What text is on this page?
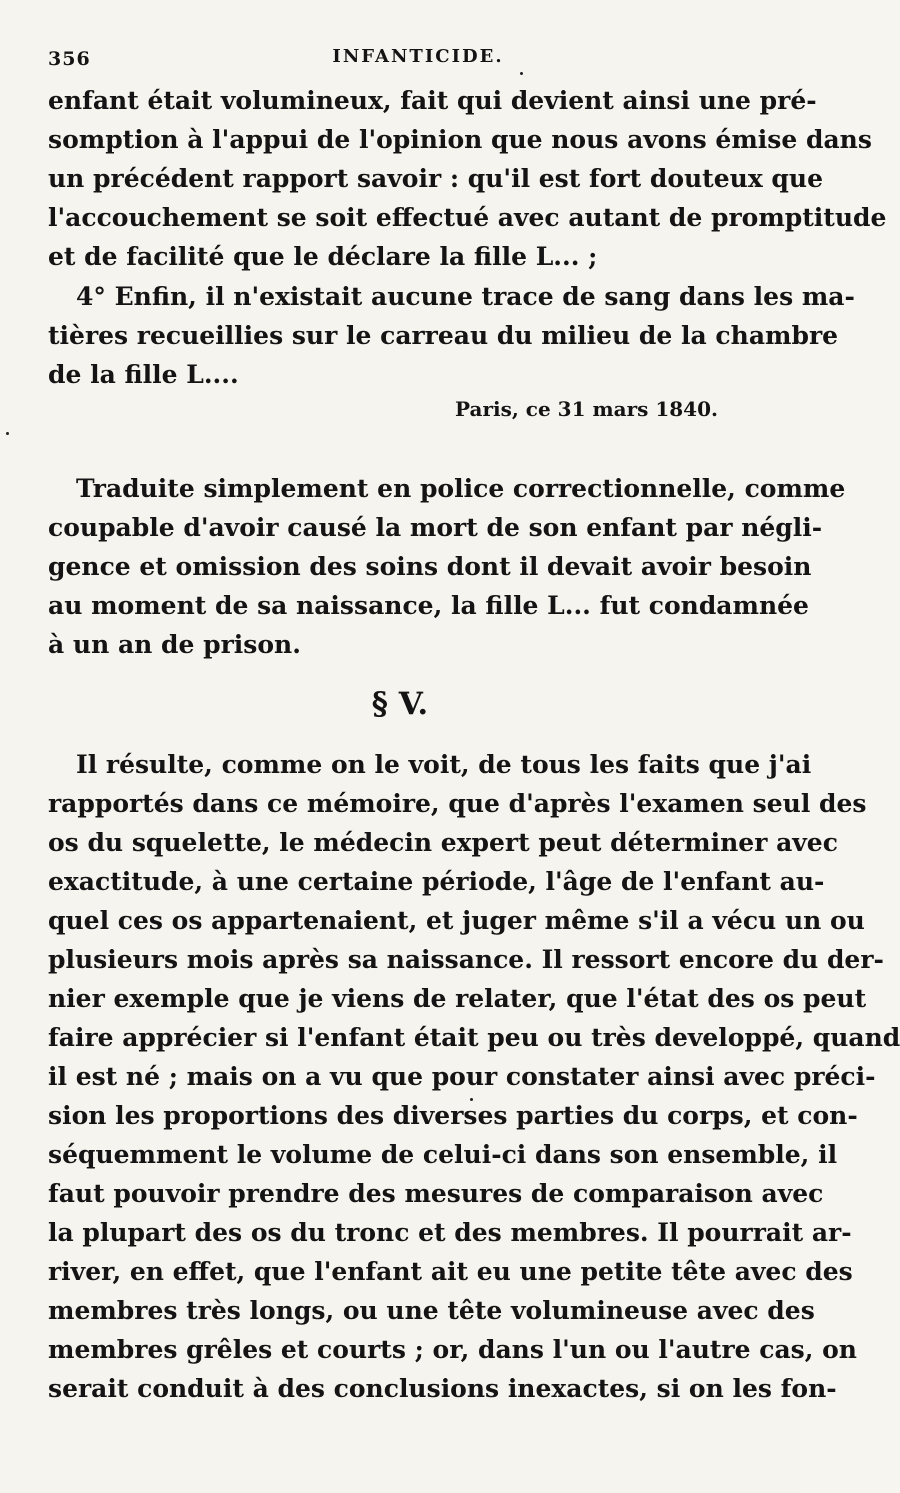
356	INFANTICIDE.
enfant était volumineux, fait qui devient ainsi une pré-
somption à l'appui de l'opinion que nous avons émise dans
un précédent rapport savoir : qu'il est fort douteux que
l'accouchement se soit effectué avec autant de promptitude
et de facilité que le déclare la fille L... ;
4° Enfin, il n'existait aucune trace de sang dans les ma-
tières recueillies sur le carreau du milieu de la chambre
de la fille L....
Paris, ce 31 mars 1840.
Traduite simplement en police correctionnelle, comme
coupable d'avoir causé la mort de son enfant par négli-
gence et omission des soins dont il devait avoir besoin
au moment de sa naissance, la fille L... fut condamnée
à un an de prison.
§ V.
Il résulte, comme on le voit, de tous les faits que j'ai
rapportés dans ce mémoire, que d'après l'examen seul des
os du squelette, le médecin expert peut déterminer avec
exactitude, à une certaine période, l'âge de l'enfant au-
quel ces os appartenaient, et juger même s'il a vécu un ou
plusieurs mois après sa naissance. Il ressort encore du der-
nier exemple que je viens de relater, que l'état des os peut
faire apprécier si l'enfant était peu ou très developpé, quand
il est né ; mais on a vu que pour constater ainsi avec préci-
sion les proportions des diverses parties du corps, et con-
séquemment le volume de celui-ci dans son ensemble, il
faut pouvoir prendre des mesures de comparaison avec
la plupart des os du tronc et des membres. Il pourrait ar-
river, en effet, que l'enfant ait eu une petite tête avec des
membres très longs, ou une tête volumineuse avec des
membres grêles et courts ; or, dans l'un ou l'autre cas, on
serait conduit à des conclusions inexactes, si on les fon-
